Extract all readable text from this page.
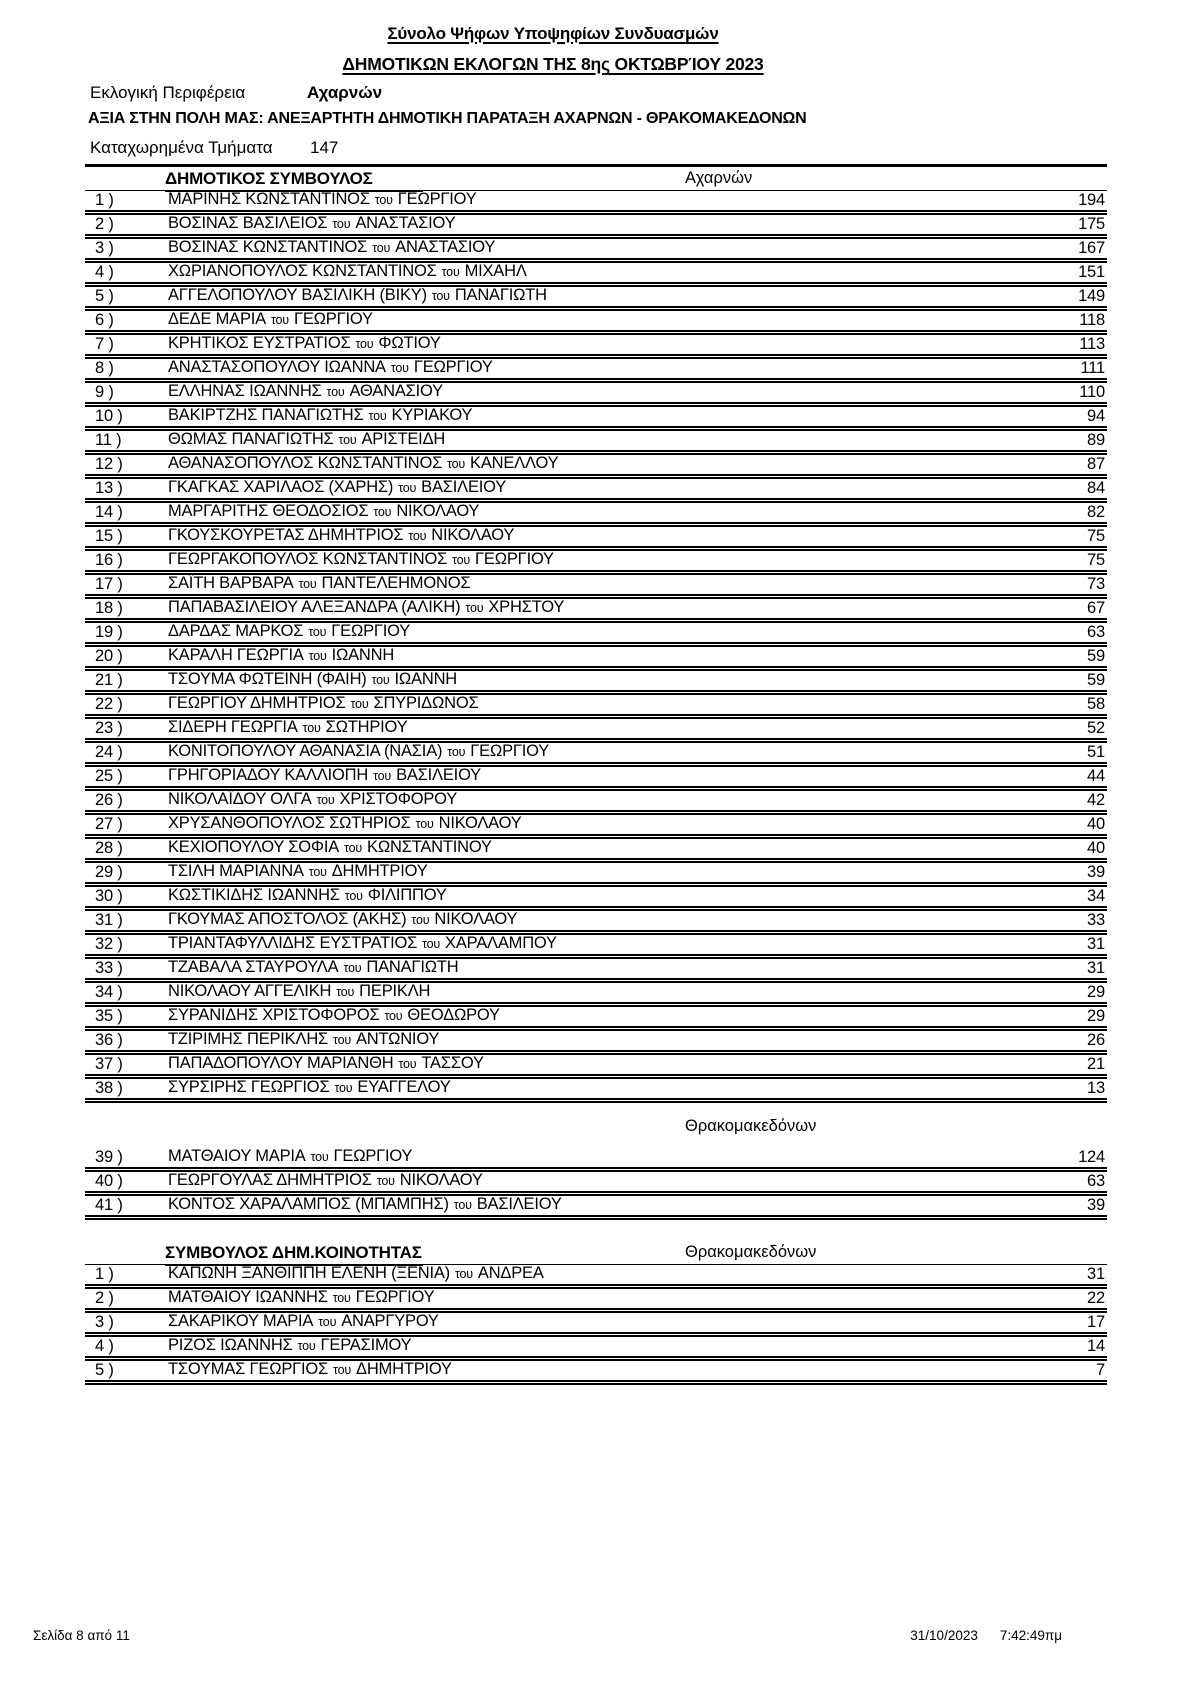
Σύνολο Ψήφων Υποψηφίων Συνδυασμών
ΔΗΜΟΤΙΚΩΝ ΕΚΛΟΓΩΝ ΤΗΣ 8ης ΟΚΤΩΒΡΊΟΥ 2023
Εκλογική Περιφέρεια	Αχαρνών
ΑΞΙΑ ΣΤΗΝ ΠΟΛΗ ΜΑΣ: ΑΝΕΞΑΡΤΗΤΗ ΔΗΜΟΤΙΚΗ ΠΑΡΑΤΑΞΗ ΑΧΑΡΝΩΝ - ΘΡΑΚΟΜΑΚΕΔΟΝΩΝ
Καταχωρημένα Τμήματα 147
ΔΗΜΟΤΙΚΟΣ ΣΥΜΒΟΥΛΟΣ	Αχαρνών
1 )	ΜΑΡΙΝΗΣ ΚΩΝΣΤΑΝΤΙΝΟΣ του ΓΕΩΡΓΙΟΥ	194
2 )	ΒΟΣΙΝΑΣ ΒΑΣΙΛΕΙΟΣ του ΑΝΑΣΤΑΣΙΟΥ	175
3 )	ΒΟΣΙΝΑΣ ΚΩΝΣΤΑΝΤΙΝΟΣ του ΑΝΑΣΤΑΣΙΟΥ	167
4 )	ΧΩΡΙΑΝΟΠΟΥΛΟΣ ΚΩΝΣΤΑΝΤΙΝΟΣ του ΜΙΧΑΗΛ	151
5 )	ΑΓΓΕΛΟΠΟΥΛΟΥ ΒΑΣΙΛΙΚΗ (ΒΙΚΥ) του ΠΑΝΑΓΙΩΤΗ	149
6 )	ΔΕΔΕ ΜΑΡΙΑ του ΓΕΩΡΓΙΟΥ	118
7 )	ΚΡΗΤΙΚΟΣ ΕΥΣΤΡΑΤΙΟΣ του ΦΩΤΙΟΥ	113
8 )	ΑΝΑΣΤΑΣΟΠΟΥΛΟΥ ΙΩΑΝΝΑ του ΓΕΩΡΓΙΟΥ	111
9 )	ΕΛΛΗΝΑΣ ΙΩΑΝΝΗΣ του ΑΘΑΝΑΣΙΟΥ	110
10 )	ΒΑΚΙΡΤΖΗΣ ΠΑΝΑΓΙΩΤΗΣ του ΚΥΡΙΑΚΟΥ	94
11 )	ΘΩΜΑΣ ΠΑΝΑΓΙΩΤΗΣ του ΑΡΙΣΤΕΙΔΗ	89
12 )	ΑΘΑΝΑΣΟΠΟΥΛΟΣ ΚΩΝΣΤΑΝΤΙΝΟΣ του ΚΑΝΕΛΛΟΥ	87
13 )	ΓΚΑΓΚΑΣ ΧΑΡΙΛΑΟΣ (ΧΑΡΗΣ) του ΒΑΣΙΛΕΙΟΥ	84
14 )	ΜΑΡΓΑΡΙΤΗΣ ΘΕΟΔΟΣΙΟΣ του ΝΙΚΟΛΑΟΥ	82
15 )	ΓΚΟΥΣΚΟΥΡΕΤΑΣ ΔΗΜΗΤΡΙΟΣ του ΝΙΚΟΛΑΟΥ	75
16 )	ΓΕΩΡΓΑΚΟΠΟΥΛΟΣ ΚΩΝΣΤΑΝΤΙΝΟΣ του ΓΕΩΡΓΙΟΥ	75
17 )	ΣΑΪΤΗ ΒΑΡΒΑΡΑ του ΠΑΝΤΕΛΕΗΜΟΝΟΣ	73
18 )	ΠΑΠΑΒΑΣΙΛΕΙΟΥ ΑΛΕΞΑΝΔΡΑ (ΑΛΙΚΗ) του ΧΡΗΣΤΟΥ	67
19 )	ΔΑΡΔΑΣ ΜΑΡΚΟΣ του ΓΕΩΡΓΙΟΥ	63
20 )	ΚΑΡΑΛΗ ΓΕΩΡΓΙΑ του ΙΩΑΝΝΗ	59
21 )	ΤΣΟΥΜΑ ΦΩΤΕΙΝΗ (ΦΑΙΗ) του ΙΩΑΝΝΗ	59
22 )	ΓΕΩΡΓΙΟΥ ΔΗΜΗΤΡΙΟΣ του ΣΠΥΡΙΔΩΝΟΣ	58
23 )	ΣΙΔΕΡΗ ΓΕΩΡΓΙΑ του ΣΩΤΗΡΙΟΥ	52
24 )	ΚΟΝΙΤΟΠΟΥΛΟΥ ΑΘΑΝΑΣΙΑ (ΝΑΣΙΑ) του ΓΕΩΡΓΙΟΥ	51
25 )	ΓΡΗΓΟΡΙΑΔΟΥ ΚΑΛΛΙΟΠΗ του ΒΑΣΙΛΕΙΟΥ	44
26 )	ΝΙΚΟΛΑΪΔΟΥ ΟΛΓΑ του ΧΡΙΣΤΟΦΟΡΟΥ	42
27 )	ΧΡΥΣΑΝΘΟΠΟΥΛΟΣ ΣΩΤΗΡΙΟΣ του ΝΙΚΟΛΑΟΥ	40
28 )	ΚΕΧΙΟΠΟΥΛΟΥ ΣΟΦΙΑ του ΚΩΝΣΤΑΝΤΙΝΟΥ	40
29 )	ΤΣΙΛΗ ΜΑΡΙΑΝΝΑ του ΔΗΜΗΤΡΙΟΥ	39
30 )	ΚΩΣΤΙΚΙΔΗΣ ΙΩΑΝΝΗΣ του ΦΙΛΙΠΠΟΥ	34
31 )	ΓΚΟΥΜΑΣ ΑΠΟΣΤΟΛΟΣ (ΑΚΗΣ) του ΝΙΚΟΛΑΟΥ	33
32 )	ΤΡΙΑΝΤΑΦΥΛΛΙΔΗΣ ΕΥΣΤΡΑΤΙΟΣ του ΧΑΡΑΛΑΜΠΟΥ	31
33 )	ΤΖΑΒΑΛΑ ΣΤΑΥΡΟΥΛΑ του ΠΑΝΑΓΙΩΤΗ	31
34 )	ΝΙΚΟΛΑΟΥ ΑΓΓΕΛΙΚΗ του ΠΕΡΙΚΛΗ	29
35 )	ΣΥΡΑΝΙΔΗΣ ΧΡΙΣΤΟΦΟΡΟΣ του ΘΕΟΔΩΡΟΥ	29
36 )	ΤΖΙΡΙΜΗΣ ΠΕΡΙΚΛΗΣ του ΑΝΤΩΝΙΟΥ	26
37 )	ΠΑΠΑΔΟΠΟΥΛΟΥ ΜΑΡΙΑΝΘΗ του ΤΑΣΣΟΥ	21
38 )	ΣΥΡΣΙΡΗΣ ΓΕΩΡΓΙΟΣ του ΕΥΑΓΓΕΛΟΥ	13
Θρακομακεδόνων
39 )	ΜΑΤΘΑΙΟΥ ΜΑΡΙΑ του ΓΕΩΡΓΙΟΥ	124
40 )	ΓΕΩΡΓΟΥΛΑΣ ΔΗΜΗΤΡΙΟΣ του ΝΙΚΟΛΑΟΥ	63
41 )	ΚΟΝΤΟΣ ΧΑΡΑΛΑΜΠΟΣ (ΜΠΑΜΠΗΣ) του ΒΑΣΙΛΕΙΟΥ	39
ΣΥΜΒΟΥΛΟΣ ΔΗΜ.ΚΟΙΝΟΤΗΤΑΣ	Θρακομακεδόνων
1 )	ΚΑΠΩΝΗ ΞΑΝΘΙΠΠΗ ΕΛΕΝΗ (ΞΕΝΙΑ) του ΑΝΔΡΕΑ	31
2 )	ΜΑΤΘΑΙΟΥ ΙΩΑΝΝΗΣ του ΓΕΩΡΓΙΟΥ	22
3 )	ΣΑΚΑΡΙΚΟΥ ΜΑΡΙΑ του ΑΝΑΡΓΥΡΟΥ	17
4 )	ΡΙΖΟΣ ΙΩΑΝΝΗΣ του ΓΕΡΑΣΙΜΟΥ	14
5 )	ΤΣΟΥΜΑΣ ΓΕΩΡΓΙΟΣ του ΔΗΜΗΤΡΙΟΥ	7
Σελίδα 8 από 11	31/10/2023 7:42:49πμ
